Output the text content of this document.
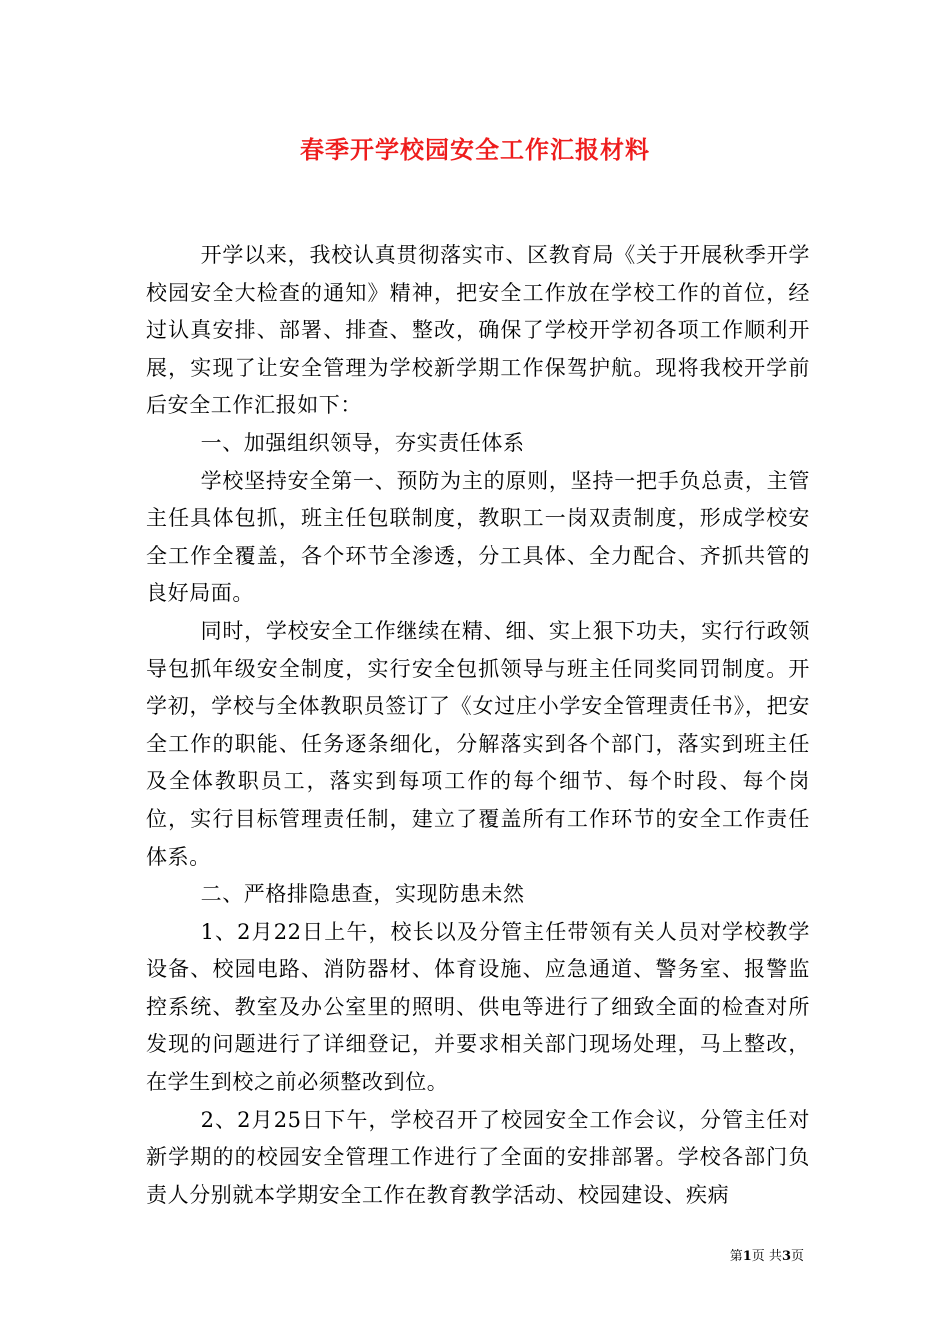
春季开学校园安全工作汇报材料

开学以来，我校认真贯彻落实市、区教育局《关于开展秋季开学校园安全大检查的通知》精神，把安全工作放在学校工作的首位，经过认真安排、部署、排查、整改，确保了学校开学初各项工作顺利开展，实现了让安全管理为学校新学期工作保驾护航。现将我校开学前后安全工作汇报如下：

一、加强组织领导，夯实责任体系

学校坚持安全第一、预防为主的原则，坚持一把手负总责，主管主任具体包抓，班主任包联制度，教职工一岗双责制度，形成学校安全工作全覆盖，各个环节全渗透，分工具体、全力配合、齐抓共管的良好局面。

同时，学校安全工作继续在精、细、实上狠下功夫，实行行政领导包抓年级安全制度，实行安全包抓领导与班主任同奖同罚制度。开学初，学校与全体教职员签订了《女过庄小学安全管理责任书》，把安全工作的职能、任务逐条细化，分解落实到各个部门，落实到班主任及全体教职员工，落实到每项工作的每个细节、每个时段、每个岗位，实行目标管理责任制，建立了覆盖所有工作环节的安全工作责任体系。

二、严格排隐患查，实现防患未然

1、2月22日上午，校长以及分管主任带领有关人员对学校教学设备、校园电路、消防器材、体育设施、应急通道、警务室、报警监控系统、教室及办公室里的照明、供电等进行了细致全面的检查对所发现的问题进行了详细登记，并要求相关部门现场处理，马上整改，在学生到校之前必须整改到位。

2、2月25日下午，学校召开了校园安全工作会议，分管主任对新学期的的校园安全管理工作进行了全面的安排部署。学校各部门负责人分别就本学期安全工作在教育教学活动、校园建设、疾病

第1页 共3页
